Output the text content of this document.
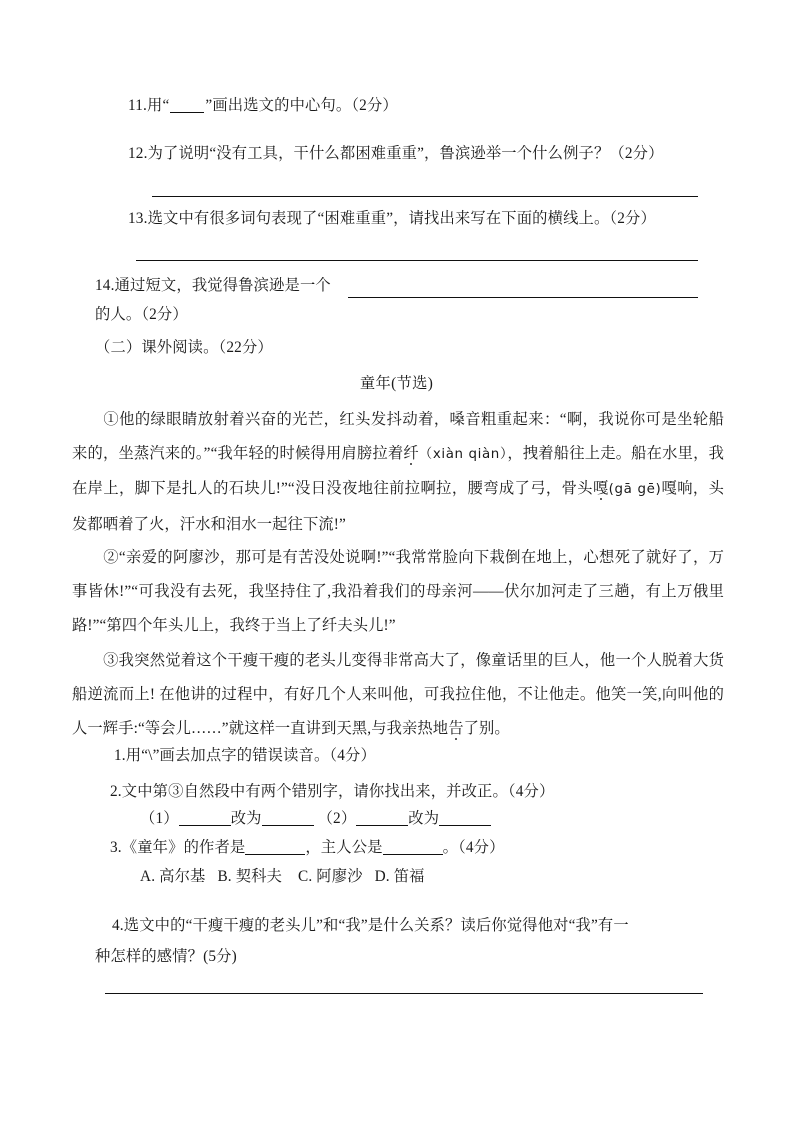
11.用“ ”画出选文的中心句。（2分）
12.为了说明“没有工具，干什么都困难重重”，鲁滨逊举一个什么例子？（2分）
13.选文中有很多词句表现了“困难重重”，请找出来写在下面的横线上。（2分）
14.通过短文，我觉得鲁滨逊是一个
的人。（2分）
（二）课外阅读。（22分）
童年(节选)
①他的绿眼睛放射着兴奋的光芒，红头发抖动着，嗓音粗重起来：“啊，我说你可是坐轮船来的，坐蒸汽来的。”“我年轻的时候得用肩膀拉着纤（xiàn qiàn），拽着船往上走。船在水里，我在岸上，脚下是扎人的石块儿!”“没日没夜地往前拉啊拉，腰弯成了弓，骨头嘎(gā gē)嘎响，头发都晒着了火，汗水和泪水一起往下流!”
②“亲爱的阿廖沙，那可是有苦没处说啊!”“我常常脸向下栽倒在地上，心想死了就好了，万事皆休!”“可我没有去死，我坚持住了,我沿着我们的母亲河——伏尔加河走了三趟，有上万俄里路!”“第四个年头儿上，我终于当上了纤夫头儿!”
③我突然觉着这个干瘦干瘦的老头儿变得非常高大了，像童话里的巨人，他一个人脱着大货船逆流而上! 在他讲的过程中，有好几个人来叫他，可我拉住他，不让他走。他笑一笑,向叫他的人一辉手:“等会儿……”就这样一直讲到天黑,与我亲热地告了别。
1.用“\”画去加点字的错误读音。（4分）
2.文中第③自然段中有两个错别字，请你找出来，并改正。（4分）
（1）	改为	（2）	改为
3.《童年》的作者是	，主人公是	。（4分）
A. 高尔基 B. 契科夫 C. 阿廖沙 D. 笛福
4.选文中的“干瘦干瘦的老头儿”和“我”是什么关系？读后你觉得他对“我”有一
种怎样的感情？(5分)
